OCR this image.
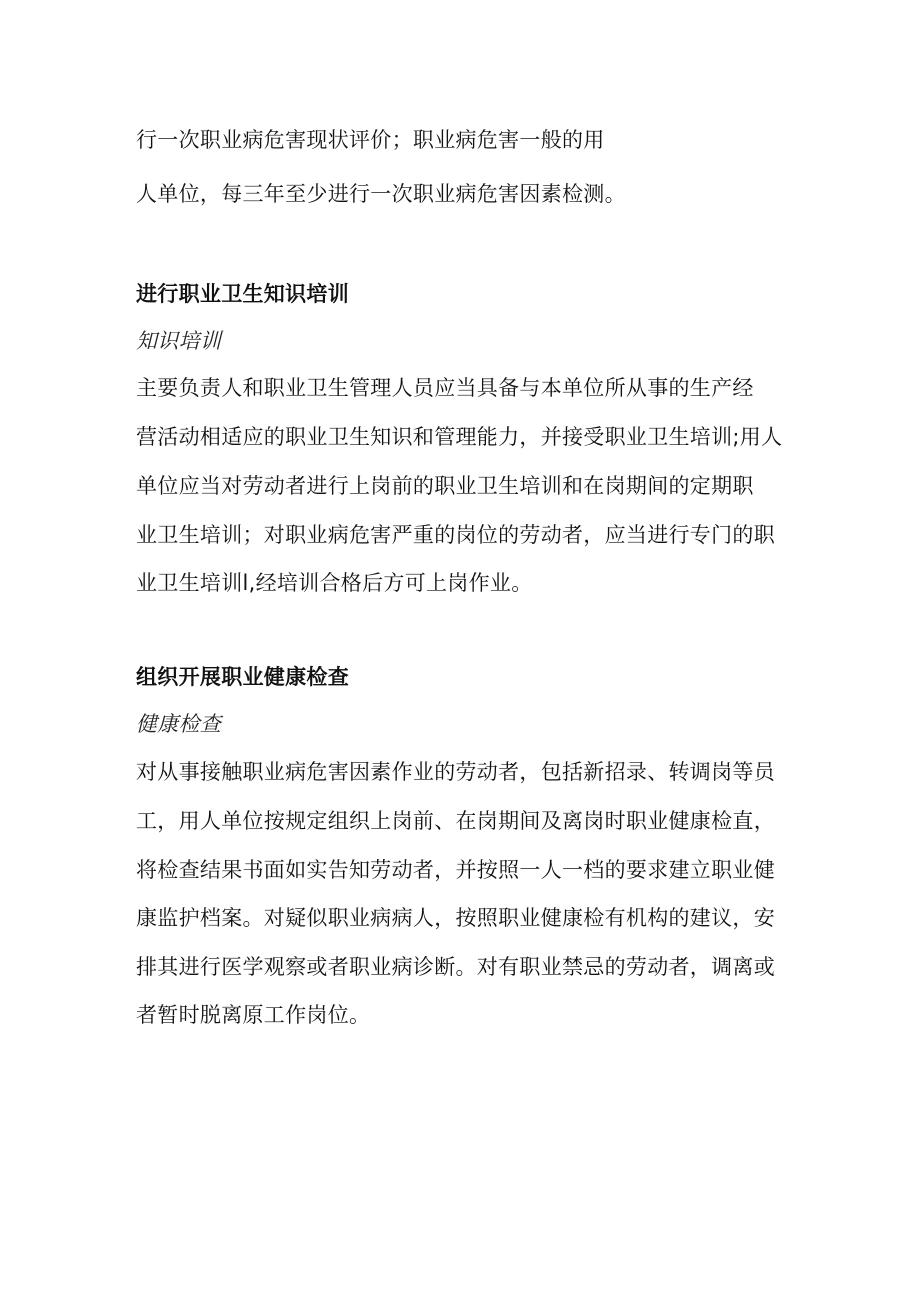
行一次职业病危害现状评价；职业病危害一般的用
人单位，每三年至少进行一次职业病危害因素检测。
进行职业卫生知识培训
知识培训
主要负责人和职业卫生管理人员应当具备与本单位所从事的生产经
营活动相适应的职业卫生知识和管理能力，并接受职业卫生培训;用人
单位应当对劳动者进行上岗前的职业卫生培训和在岗期间的定期职
业卫生培训；对职业病危害严重的岗位的劳动者，应当进行专门的职
业卫生培训l,经培训合格后方可上岗作业。
组织开展职业健康检查
健康检查
对从事接触职业病危害因素作业的劳动者，包括新招录、转调岗等员
工，用人单位按规定组织上岗前、在岗期间及离岗时职业健康检直，
将检查结果书面如实告知劳动者，并按照一人一档的要求建立职业健
康监护档案。对疑似职业病病人，按照职业健康检有机构的建议，安
排其进行医学观察或者职业病诊断。对有职业禁忌的劳动者，调离或
者暂时脱离原工作岗位。
